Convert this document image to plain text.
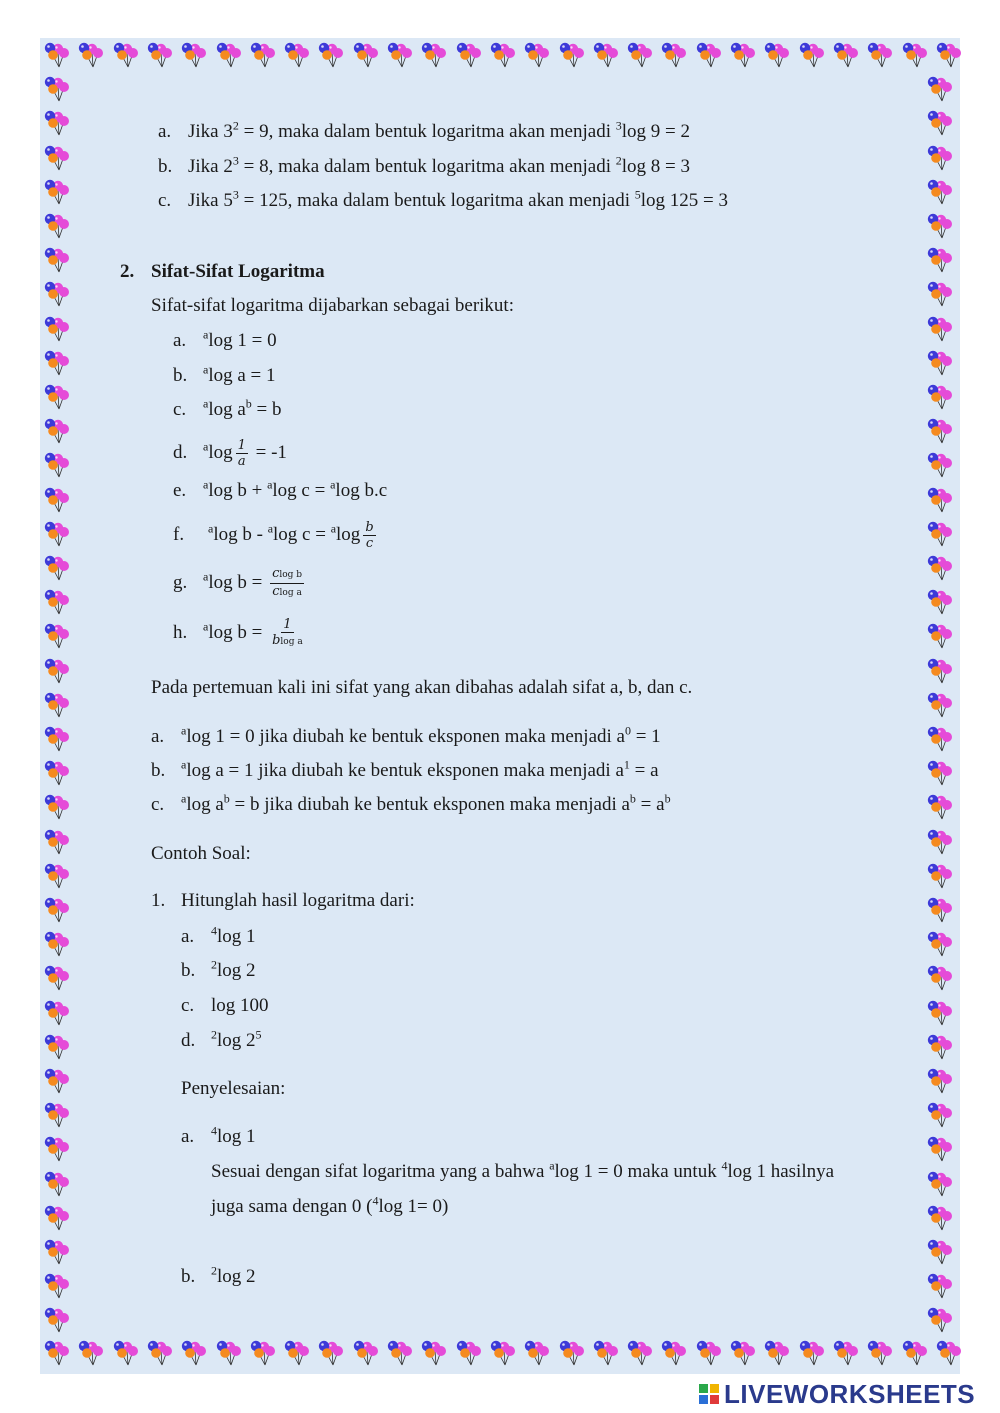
a. Jika $3^2 = 9$, maka dalam bentuk logaritma akan menjadi $^3$log 9 = 2
b. Jika $2^3 = 8$, maka dalam bentuk logaritma akan menjadi $^2$log 8 = 3
c. Jika $5^3 = 125$, maka dalam bentuk logaritma akan menjadi $^5$log 125 = 3
2. Sifat-Sifat Logaritma
Sifat-sifat logaritma dijabarkan sebagai berikut:
a. $^a$log 1 = 0
b. $^a$log a = 1
c. $^a$log $a^b = b$
d. $^a\log \frac{1}{a} = -1$
e. $^a$log b + $^a$log c = $^a$log b.c
f. $^a$log b - $^a$log $c = ^a\log \frac{b}{c}$
g. $^a$log $b = \frac{\text{clog b}}{\text{clog a}}$
h. $^a$log $b = \frac{1}{\text{blog a}}$
Pada pertemuan kali ini sifat yang akan dibahas adalah sifat a, b, dan c.
a. $^a$log 1 = 0 jika diubah ke bentuk eksponen maka menjadi $a^0 = 1$
b. $^a$log a = 1 jika diubah ke bentuk eksponen maka menjadi $a^1 = a$
c. $^a$log $a^b = b$ jika diubah ke bentuk eksponen maka menjadi $a^b = a^b$
Contoh Soal:
1. Hitunglah hasil logaritma dari:
a. $^4$log 1
b. $^2$log 2
c. log 100
d. $^2$log $2^5$
Penyelesaian:
a. $^4$log 1
Sesuai dengan sifat logaritma yang a bahwa $^a$log 1 = 0 maka untuk $^4$log 1 hasilnya
juga sama dengan 0 ($^4$log 1= 0)
b. $^2$log 2
LIVEWORKSHEETS
